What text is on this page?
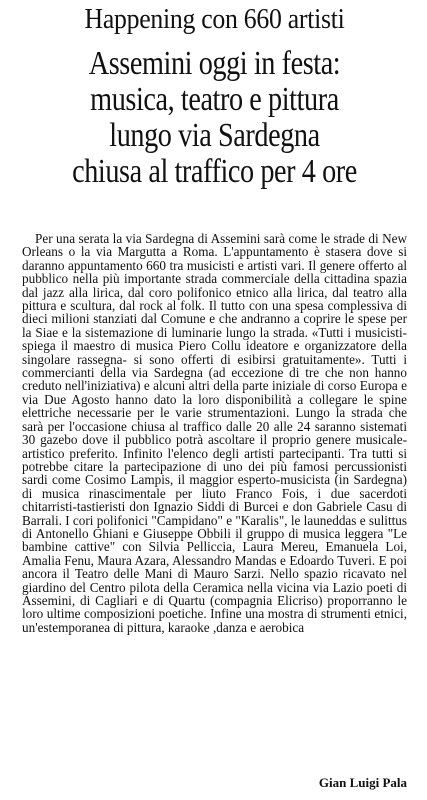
Happening con 660 artisti

Assemini oggi in festa:
musica, teatro e pittura
lungo via Sardegna
chiusa al traffico per 4 ore

Per una serata la via Sardegna di Assemini sarà come le strade di New Orleans o la via Margutta a Roma. L'appuntamento è stasera dove si daranno appuntamento 660 tra musicisti e artisti vari. Il genere offerto al pubblico nella più importante strada commerciale della cittadina spazia dal jazz alla lirica, dal coro polifonico etnico alla lirica, dal teatro alla pittura e scultura, dal rock al folk. Il tutto con una spesa complessiva di dieci milioni stanziati dal Comune e che andranno a coprire le spese per la Siae e la sistemazione di luminarie lungo la strada. «Tutti i musicisti- spiega il maestro di musica Piero Collu ideatore e organizzatore della singolare rassegna- si sono offerti di esibirsi gratuitamente». Tutti i commercianti della via Sardegna (ad eccezione di tre che non hanno creduto nell'iniziativa) e alcuni altri della parte iniziale di corso Europa e via Due Agosto hanno dato la loro disponibilità a collegare le spine elettriche necessarie per le varie strumentazioni. Lungo la strada che sarà per l'occasione chiusa al traffico dalle 20 alle 24 saranno sistemati 30 gazebo dove il pubblico potrà ascoltare il proprio genere musicale-artistico preferito. Infinito l'elenco degli artisti partecipanti. Tra tutti si potrebbe citare la partecipazione di uno dei più famosi percussionisti sardi come Cosimo Lampis, il maggior esperto-musicista (in Sardegna) di musica rinascimentale per liuto Franco Fois, i due sacerdoti chitarristi-tastieristi don Ignazio Siddi di Burcei e don Gabriele Casu di Barrali. I cori polifonici "Campidano" e "Karalis", le launeddas e sulittus di Antonello Ghiani e Giuseppe Obbili il gruppo di musica leggera "Le bambine cattive" con Silvia Pelliccia, Laura Mereu, Emanuela Loi, Amalia Fenu, Maura Azara, Alessandro Mandas e Edoardo Tuveri. E poi ancora il Teatro delle Mani di Mauro Sarzi. Nello spazio ricavato nel giardino del Centro pilota della Ceramica nella vicina via Lazio poeti di Assemini, di Cagliari e di Quartu (compagnia Elicriso) proporranno le loro ultime composizioni poetiche. Infine una mostra di strumenti etnici, un'estemporanea di pittura, karaoke ,danza e aerobica

Gian Luigi Pala
